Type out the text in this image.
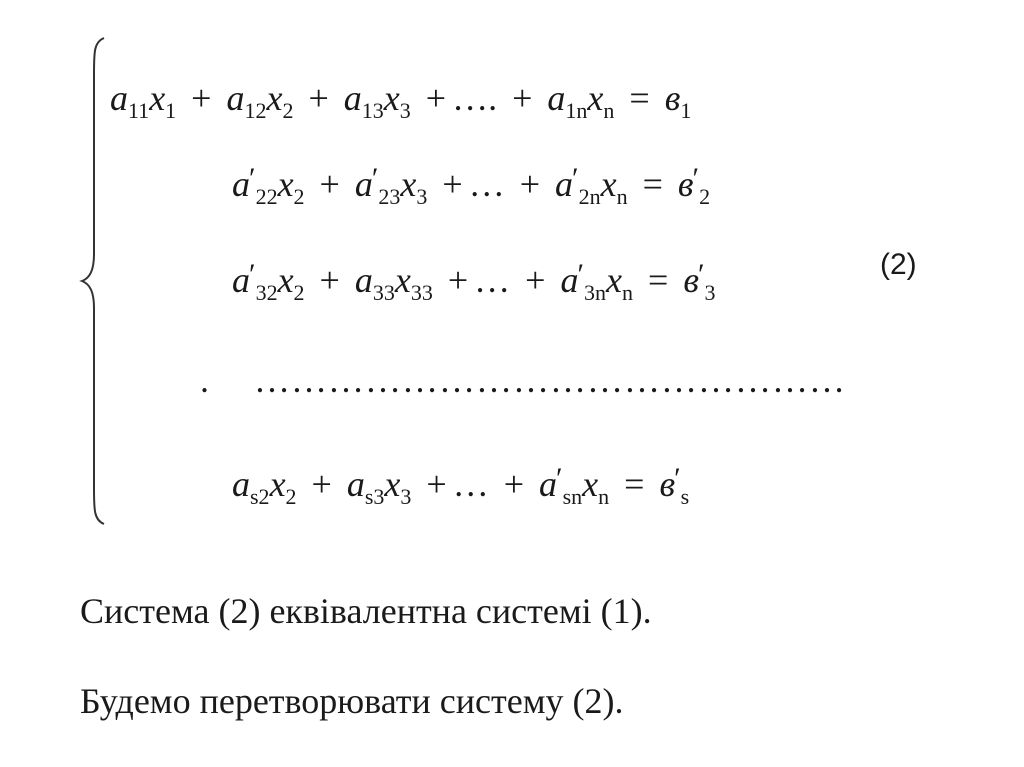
$a_{11}x_1 + a_{12}x_2 + a_{13}x_3$ + …. + $a_{1n}x_n = в_1$
$a'_{22}x_2 + a'_{23}x_3$ + … + $a'_{2n}x_n = в'_2$
$a'_{32}x_2 + a_{33}x_{33}$ + … + $a'_{3n}x_n = в'_3$
. …………………………………………
$a_{s2}x_2 + a_{s3}x_3$ + … + $a'_{sn}x_n = в'_s$
(2)
Система (2) еквівалентна системі (1).
Будемо перетворювати систему (2).
